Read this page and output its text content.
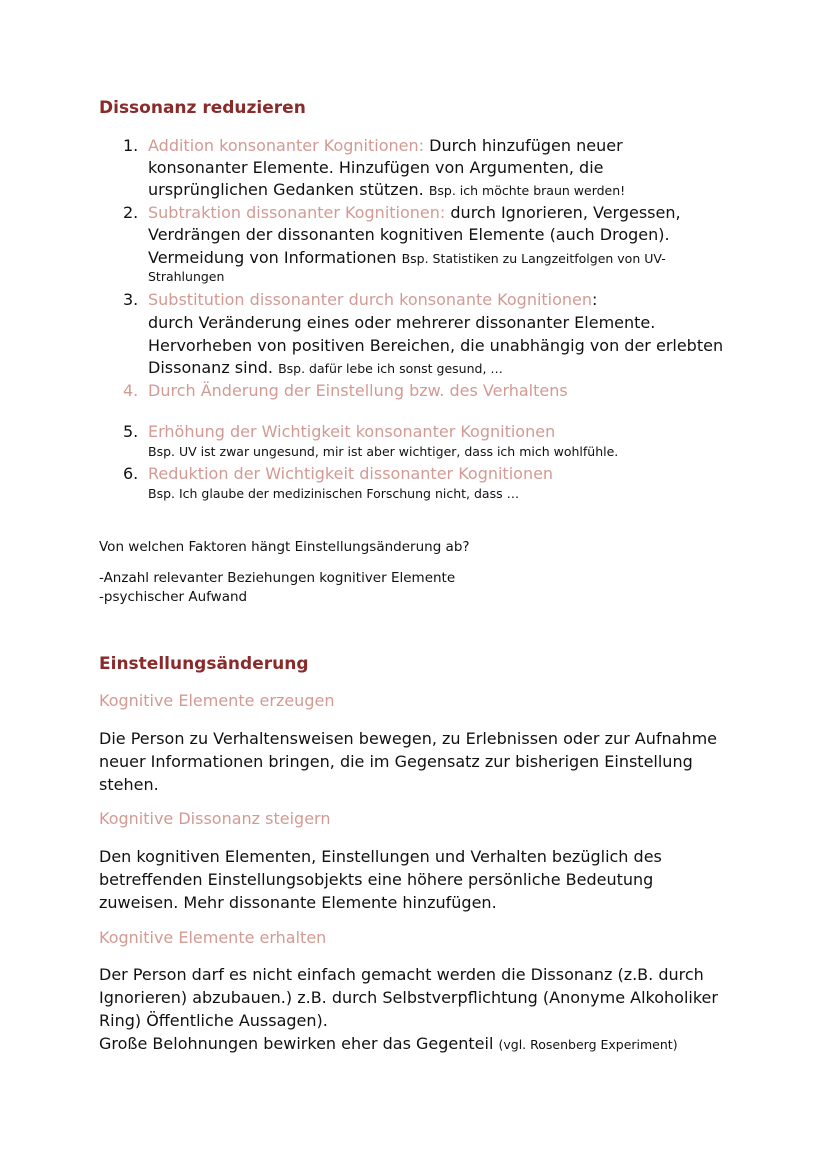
Dissonanz reduzieren
1. Addition konsonanter Kognitionen: Durch hinzufügen neuer
konsonanter Elemente. Hinzufügen von Argumenten, die
ursprünglichen Gedanken stützen. Bsp. ich möchte braun werden!
2. Subtraktion dissonanter Kognitionen: durch Ignorieren, Vergessen,
Verdrängen der dissonanten kognitiven Elemente (auch Drogen).
Vermeidung von Informationen Bsp. Statistiken zu Langzeitfolgen von UV-
Strahlungen
3. Substitution dissonanter durch konsonante Kognitionen:
durch Veränderung eines oder mehrerer dissonanter Elemente.
Hervorheben von positiven Bereichen, die unabhängig von der erlebten
Dissonanz sind. Bsp. dafür lebe ich sonst gesund, …
4. Durch Änderung der Einstellung bzw. des Verhaltens
5. Erhöhung der Wichtigkeit konsonanter Kognitionen
Bsp. UV ist zwar ungesund, mir ist aber wichtiger, dass ich mich wohlfühle.
6. Reduktion der Wichtigkeit dissonanter Kognitionen
Bsp. Ich glaube der medizinischen Forschung nicht, dass …
Von welchen Faktoren hängt Einstellungsänderung ab?
-Anzahl relevanter Beziehungen kognitiver Elemente
-psychischer Aufwand
Einstellungsänderung
Kognitive Elemente erzeugen
Die Person zu Verhaltensweisen bewegen, zu Erlebnissen oder zur Aufnahme
neuer Informationen bringen, die im Gegensatz zur bisherigen Einstellung
stehen.
Kognitive Dissonanz steigern
Den kognitiven Elementen, Einstellungen und Verhalten bezüglich des
betreffenden Einstellungsobjekts eine höhere persönliche Bedeutung
zuweisen. Mehr dissonante Elemente hinzufügen.
Kognitive Elemente erhalten
Der Person darf es nicht einfach gemacht werden die Dissonanz (z.B. durch
Ignorieren) abzubauen.) z.B. durch Selbstverpflichtung (Anonyme Alkoholiker
Ring) Öffentliche Aussagen).
Große Belohnungen bewirken eher das Gegenteil (vgl. Rosenberg Experiment)
